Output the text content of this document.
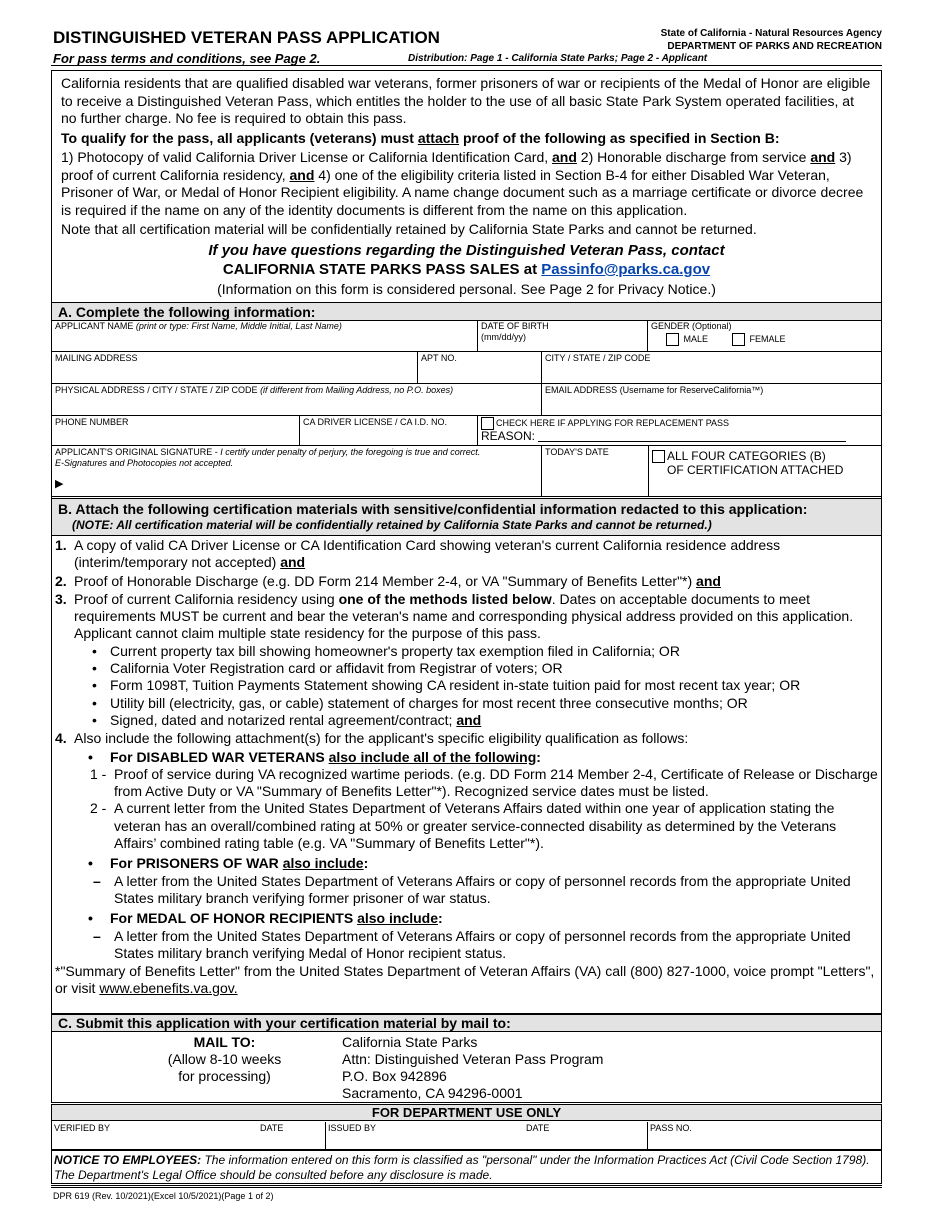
DISTINGUISHED VETERAN PASS APPLICATION
For pass terms and conditions, see Page 2.	Distribution: Page 1 - California State Parks; Page 2 - Applicant
State of California - Natural Resources Agency
DEPARTMENT OF PARKS AND RECREATION

California residents that are qualified disabled war veterans, former prisoners of war or recipients of the Medal of Honor are eligible to receive a Distinguished Veteran Pass, which entitles the holder to the use of all basic State Park System operated facilities, at no further charge. No fee is required to obtain this pass.

To qualify for the pass, all applicants (veterans) must attach proof of the following as specified in Section B:

1) Photocopy of valid California Driver License or California Identification Card, and 2) Honorable discharge from service and 3) proof of current California residency, and 4) one of the eligibility criteria listed in Section B-4 for either Disabled War Veteran, Prisoner of War, or Medal of Honor Recipient eligibility. A name change document such as a marriage certificate or divorce decree is required if the name on any of the identity documents is different from the name on this application.

Note that all certification material will be confidentially retained by California State Parks and cannot be returned.

If you have questions regarding the Distinguished Veteran Pass, contact

CALIFORNIA STATE PARKS PASS SALES at Passinfo@parks.ca.gov

(Information on this form is considered personal. See Page 2 for Privacy Notice.)

A. Complete the following information:
APPLICANT NAME (print or type: First Name, Middle Initial, Last Name)	DATE OF BIRTH
(mm/dd/yy)
GENDER (Optional)
MALE	FEMALE
MAILING ADDRESS	APT NO.	CITY / STATE / ZIP CODE
PHYSICAL ADDRESS / CITY / STATE / ZIP CODE (if different from Mailing Address, no P.O. boxes)	EMAIL ADDRESS (Username for ReserveCalifornia™)
PHONE NUMBER	CA DRIVER LICENSE / CA I.D. NO.	CHECK HERE IF APPLYING FOR REPLACEMENT PASS
REASON:
APPLICANT'S ORIGINAL SIGNATURE - I certify under penalty of perjury, the foregoing is true and correct.
E-Signatures and Photocopies not accepted.
▶
TODAY'S DATE	ALL FOUR CATEGORIES (B)
OF CERTIFICATION ATTACHED
B. Attach the following certification materials with sensitive/confidential information redacted to this application:
(NOTE: All certification material will be confidentially retained by California State Parks and cannot be returned.)
1. A copy of valid CA Driver License or CA Identification Card showing veteran's current California residence address (interim/temporary not accepted) and
2. Proof of Honorable Discharge (e.g. DD Form 214 Member 2-4, or VA "Summary of Benefits Letter"*) and
3. Proof of current California residency using one of the methods listed below. Dates on acceptable documents to meet requirements MUST be current and bear the veteran's name and corresponding physical address provided on this application. Applicant cannot claim multiple state residency for the purpose of this pass.
• Current property tax bill showing homeowner's property tax exemption filed in California; OR
• California Voter Registration card or affidavit from Registrar of voters; OR
• Form 1098T, Tuition Payments Statement showing CA resident in-state tuition paid for most recent tax year; OR
• Utility bill (electricity, gas, or cable) statement of charges for most recent three consecutive months; OR
• Signed, dated and notarized rental agreement/contract; and
4. Also include the following attachment(s) for the applicant's specific eligibility qualification as follows:
•	For DISABLED WAR VETERANS also include all of the following:
1 - Proof of service during VA recognized wartime periods. (e.g. DD Form 214 Member 2-4, Certificate of Release or Discharge from Active Duty or VA "Summary of Benefits Letter"*). Recognized service dates must be listed.
2 - A current letter from the United States Department of Veterans Affairs dated within one year of application stating the veteran has an overall/combined rating at 50% or greater service-connected disability as determined by the Veterans Affairs’ combined rating table (e.g. VA "Summary of Benefits Letter"*).
•	For PRISONERS OF WAR also include:
– A letter from the United States Department of Veterans Affairs or copy of personnel records from the appropriate United States military branch verifying former prisoner of war status.
•	For MEDAL OF HONOR RECIPIENTS also include:
– A letter from the United States Department of Veterans Affairs or copy of personnel records from the appropriate United States military branch verifying Medal of Honor recipient status.
*"Summary of Benefits Letter" from the United States Department of Veteran Affairs (VA) call (800) 827-1000, voice prompt "Letters", or visit www.ebenefits.va.gov.
C. Submit this application with your certification material by mail to:
MAIL TO:
(Allow 8-10 weeks
for processing)
California State Parks
Attn: Distinguished Veteran Pass Program
P.O. Box 942896
Sacramento, CA 94296-0001
FOR DEPARTMENT USE ONLY
VERIFIED BY	DATE	ISSUED BY	DATE	PASS NO.
NOTICE TO EMPLOYEES: The information entered on this form is classified as "personal" under the Information Practices Act (Civil Code Section 1798). The Department's Legal Office should be consulted before any disclosure is made.
DPR 619 (Rev. 10/2021)(Excel 10/5/2021)(Page 1 of 2)
